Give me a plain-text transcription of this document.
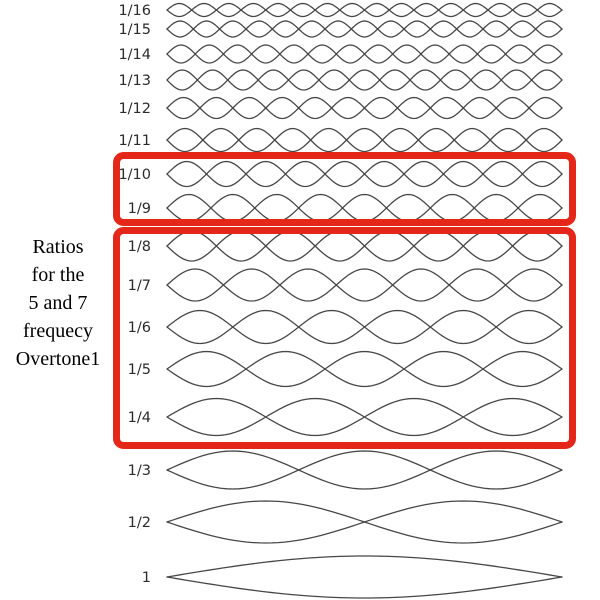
1/16
1/15
1/14
1/13
1/12
1/11
1/10
1/9
1/8
1/7
1/6
1/5
1/4
1/3
1/2
1
Ratios
for the
5 and 7
frequecy
Overtone1
